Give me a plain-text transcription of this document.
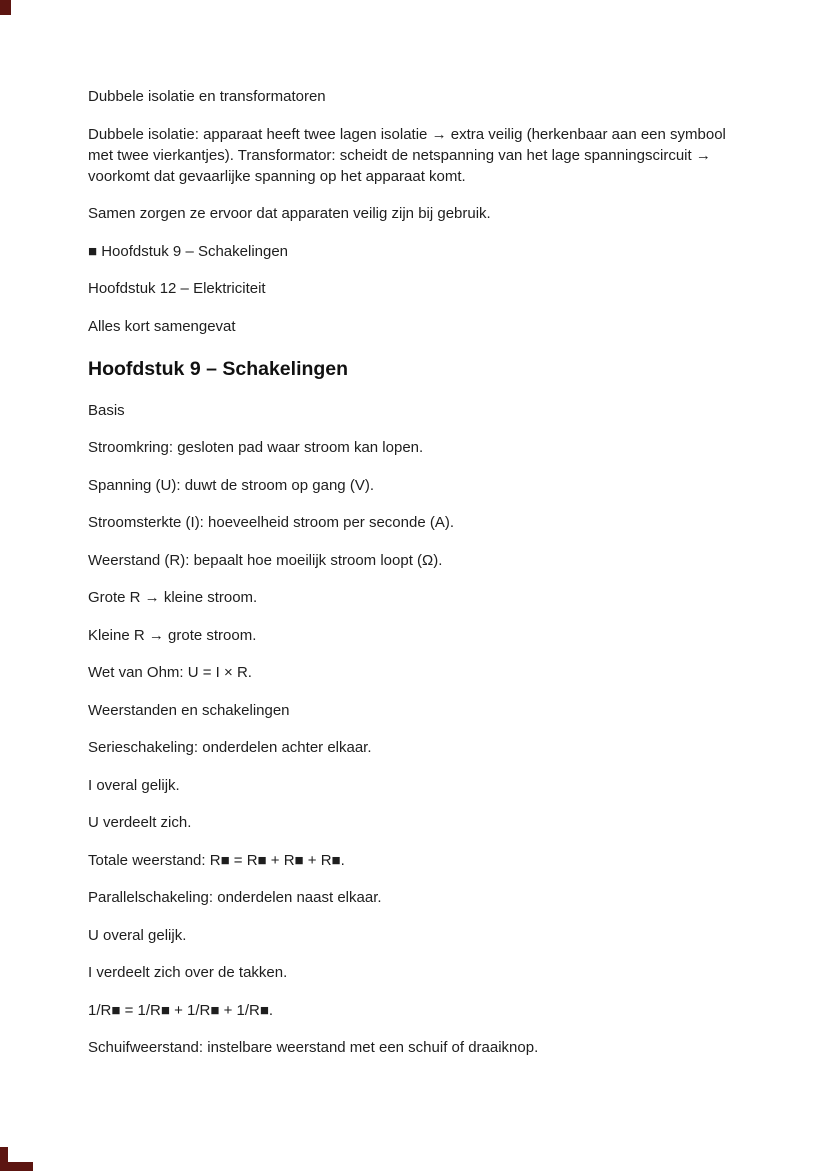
Dubbele isolatie en transformatoren

Dubbele isolatie: apparaat heeft twee lagen isolatie → extra veilig (herkenbaar aan een symbool met twee vierkantjes). Transformator: scheidt de netspanning van het lage spanningscircuit → voorkomt dat gevaarlijke spanning op het apparaat komt.

Samen zorgen ze ervoor dat apparaten veilig zijn bij gebruik.

■ Hoofdstuk 9 – Schakelingen

Hoofdstuk 12 – Elektriciteit

Alles kort samengevat

Hoofdstuk 9 – Schakelingen

Basis

Stroomkring: gesloten pad waar stroom kan lopen.

Spanning (U): duwt de stroom op gang (V).

Stroomsterkte (I): hoeveelheid stroom per seconde (A).

Weerstand (R): bepaalt hoe moeilijk stroom loopt (Ω).

Grote R → kleine stroom.

Kleine R → grote stroom.

Wet van Ohm: U = I × R.

Weerstanden en schakelingen

Serieschakeling: onderdelen achter elkaar.

I overal gelijk.

U verdeelt zich.

Totale weerstand: R■ = R■ + R■ + R■.

Parallelschakeling: onderdelen naast elkaar.

U overal gelijk.

I verdeelt zich over de takken.

1/R■ = 1/R■ + 1/R■ + 1/R■.

Schuifweerstand: instelbare weerstand met een schuif of draaiknop.
